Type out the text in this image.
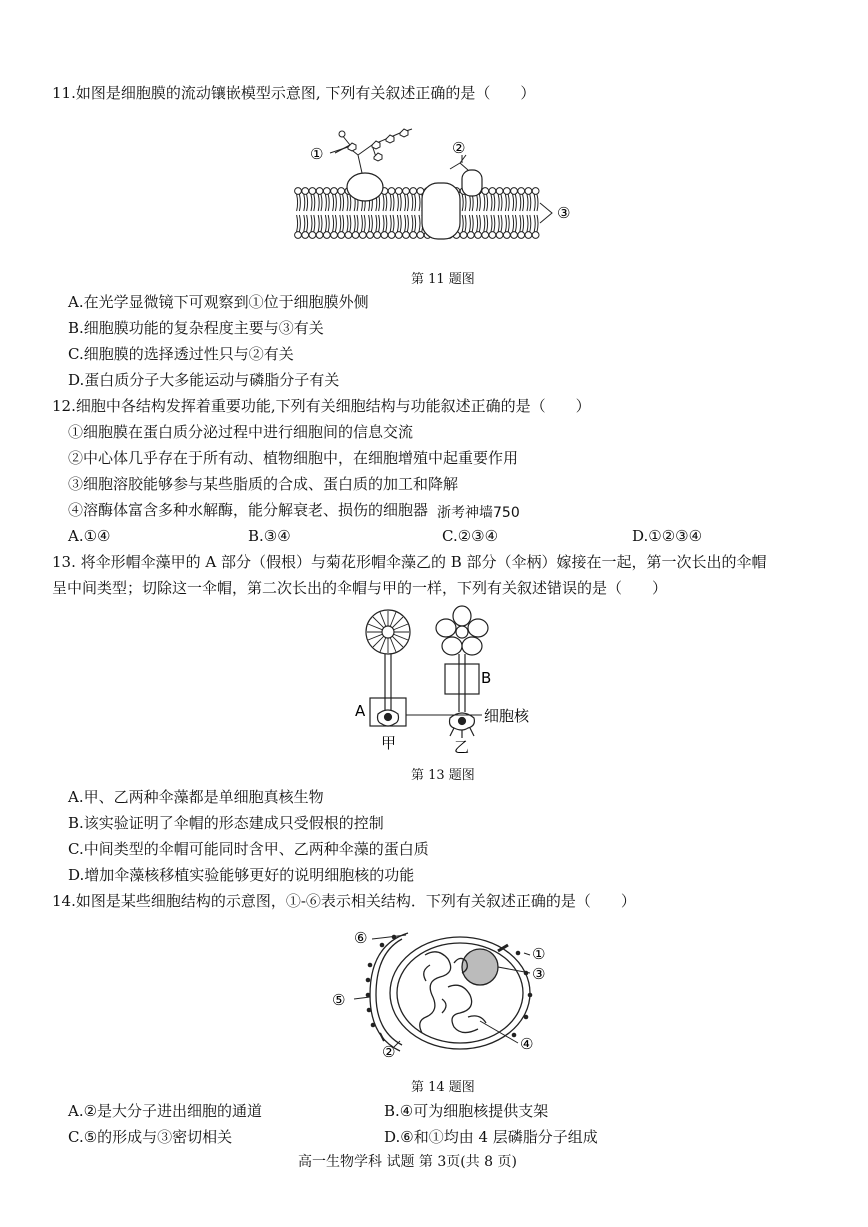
11.如图是细胞膜的流动镶嵌模型示意图, 下列有关叙述正确的是（　　）
①	②
③
第 11 题图
A.在光学显微镜下可观察到①位于细胞膜外侧
B.细胞膜功能的复杂程度主要与③有关
C.细胞膜的选择透过性只与②有关
D.蛋白质分子大多能运动与磷脂分子有关
12.细胞中各结构发挥着重要功能,下列有关细胞结构与功能叙述正确的是（　　）
①细胞膜在蛋白质分泌过程中进行细胞间的信息交流
②中心体几乎存在于所有动、植物细胞中，在细胞增殖中起重要作用
③细胞溶胶能够参与某些脂质的合成、蛋白质的加工和降解
④溶酶体富含多种水解酶，能分解衰老、损伤的细胞器 浙考神墙750
A.①④	B.③④	C.②③④	D.①②③④
13. 将伞形帽伞藻甲的 A 部分（假根）与菊花形帽伞藻乙的 B 部分（伞柄）嫁接在一起，第一次长出的伞帽
呈中间类型；切除这一伞帽，第二次长出的伞帽与甲的一样，下列有关叙述错误的是（　　）
A
B
细胞核
甲	乙
第 13 题图
A.甲、乙两种伞藻都是单细胞真核生物
B.该实验证明了伞帽的形态建成只受假根的控制
C.中间类型的伞帽可能同时含甲、乙两种伞藻的蛋白质
D.增加伞藻核移植实验能够更好的说明细胞核的功能
14.如图是某些细胞结构的示意图，①-⑥表示相关结构．下列有关叙述正确的是（　　）
⑥
①
③
④
⑤
②
第 14 题图
A.②是大分子进出细胞的通道	B.④可为细胞核提供支架
C.⑤的形成与③密切相关	D.⑥和①均由 4 层磷脂分子组成
高一生物学科 试题 第 3页(共 8 页)
